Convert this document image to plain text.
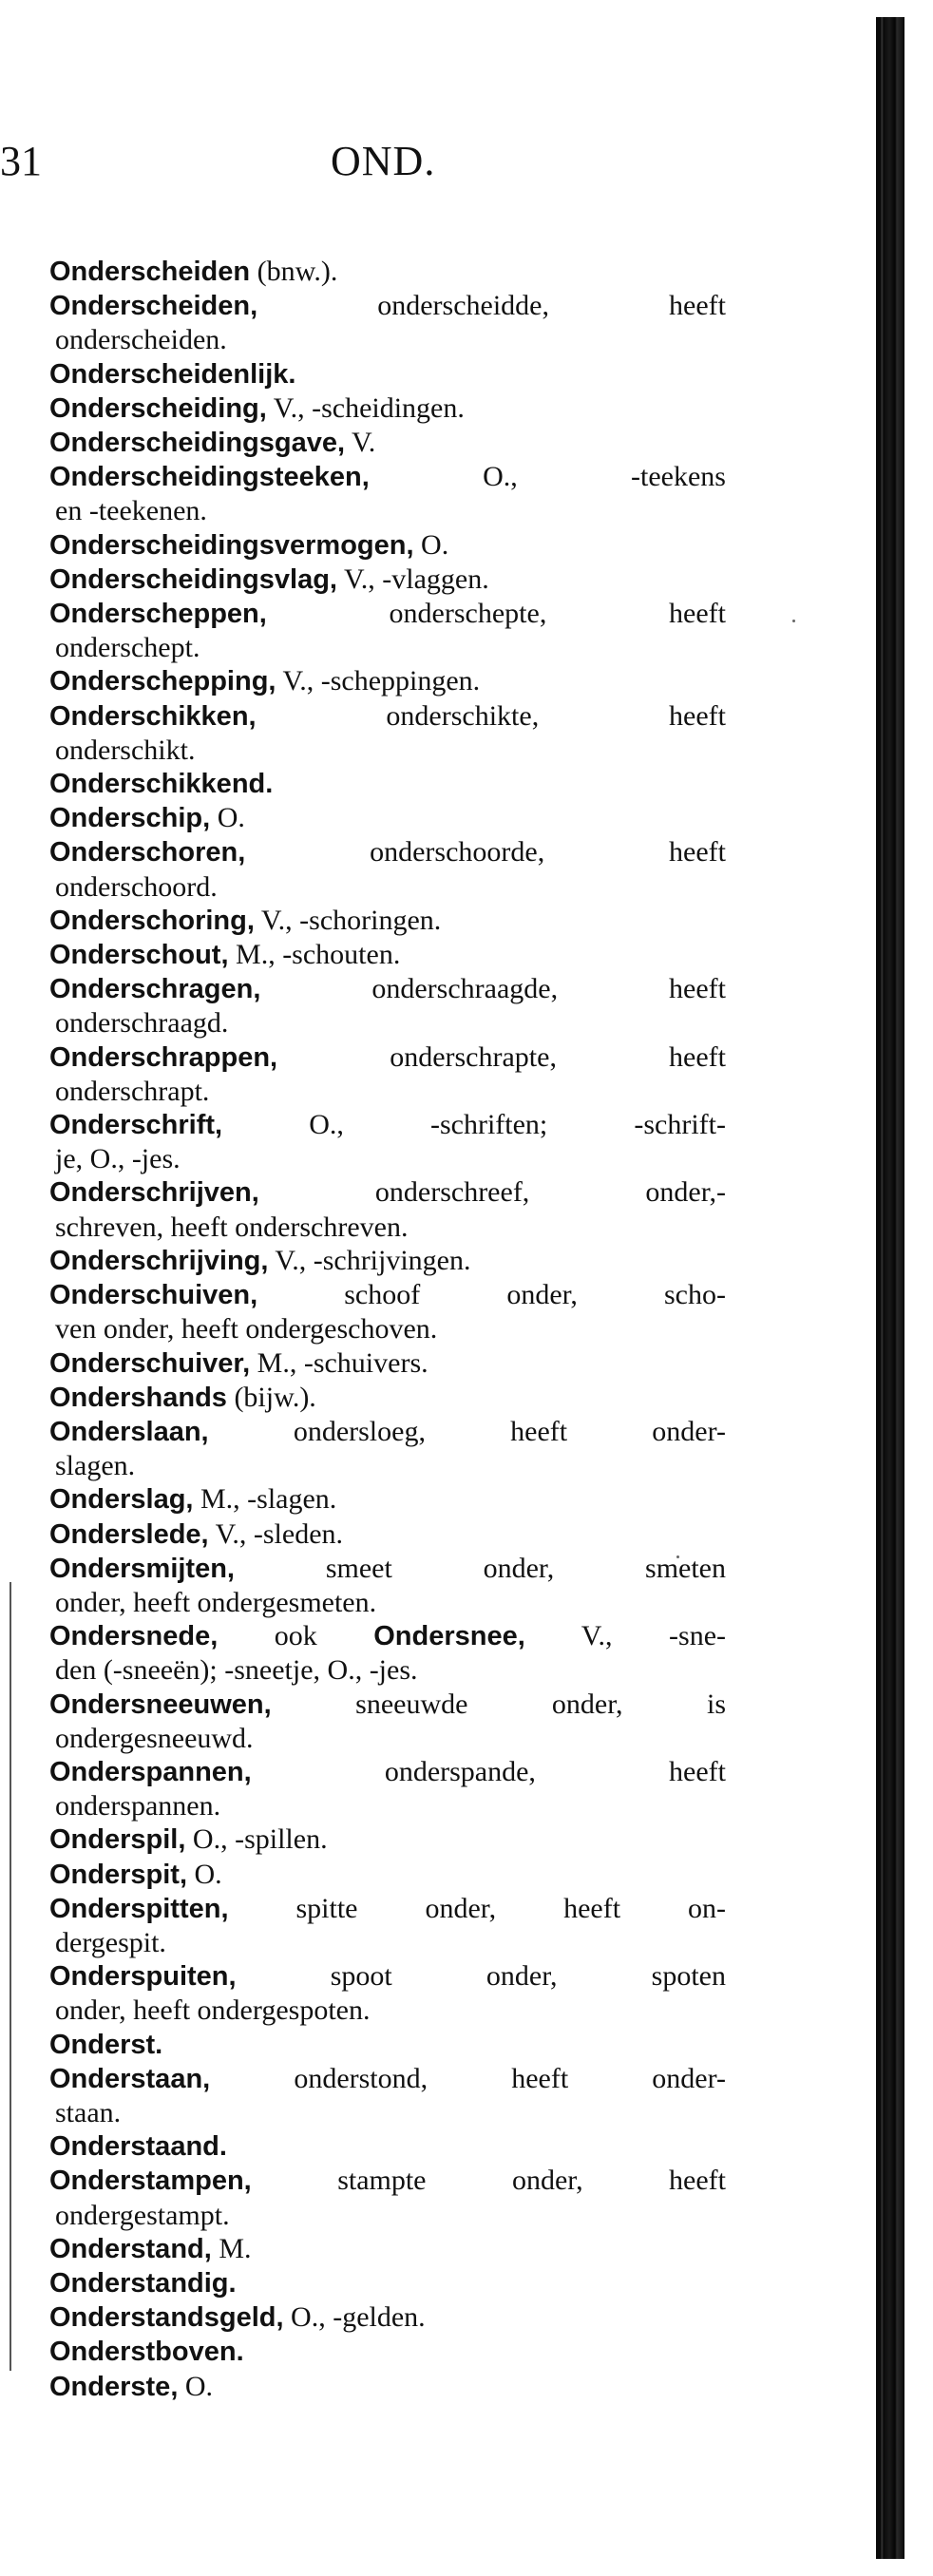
31	OND.
Onderscheiden (bnw.).
Onderscheiden, onderscheidde, heeft
onderscheiden.
Onderscheidenlijk.
Onderscheiding, V., -scheidingen.
Onderscheidingsgave, V.
Onderscheidingsteeken, O., -teekens
en -teekenen.
Onderscheidingsvermogen, O.
Onderscheidingsvlag, V., -vlaggen.
Onderscheppen, onderschepte, heeft
onderschept.
Onderschepping, V., -scheppingen.
Onderschikken, onderschikte, heeft
onderschikt.
Onderschikkend.
Onderschip, O.
Onderschoren, onderschoorde, heeft
onderschoord.
Onderschoring, V., -schoringen.
Onderschout, M., -schouten.
Onderschragen, onderschraagde, heeft
onderschraagd.
Onderschrappen, onderschrapte, heeft
onderschrapt.
Onderschrift, O., -schriften; -schrift-
je, O., -jes.
Onderschrijven, onderschreef, onder,-
schreven, heeft onderschreven.
Onderschrijving, V., -schrijvingen.
Onderschuiven, schoof onder, scho-
ven onder, heeft ondergeschoven.
Onderschuiver, M., -schuivers.
Ondershands (bijw.).
Onderslaan, ondersloeg, heeft onder-
slagen.
Onderslag, M., -slagen.
Onderslede, V., -sleden.
Ondersmijten, smeet onder, smeten
onder, heeft ondergesmeten.
Ondersnede, ook Ondersnee, V., -sne-
den (-sneeën); -sneetje, O., -jes.
Ondersneeuwen, sneeuwde onder, is
ondergesneeuwd.
Onderspannen, onderspande, heeft
onderspannen.
Onderspil, O., -spillen.
Onderspit, O.
Onderspitten, spitte onder, heeft on-
dergespit.
Onderspuiten, spoot onder, spoten
onder, heeft ondergespoten.
Onderst.
Onderstaan, onderstond, heeft onder-
staan.
Onderstaand.
Onderstampen, stampte onder, heeft
ondergestampt.
Onderstand, M.
Onderstandig.
Onderstandsgeld, O., -gelden.
Onderstboven.
Onderste, O.
